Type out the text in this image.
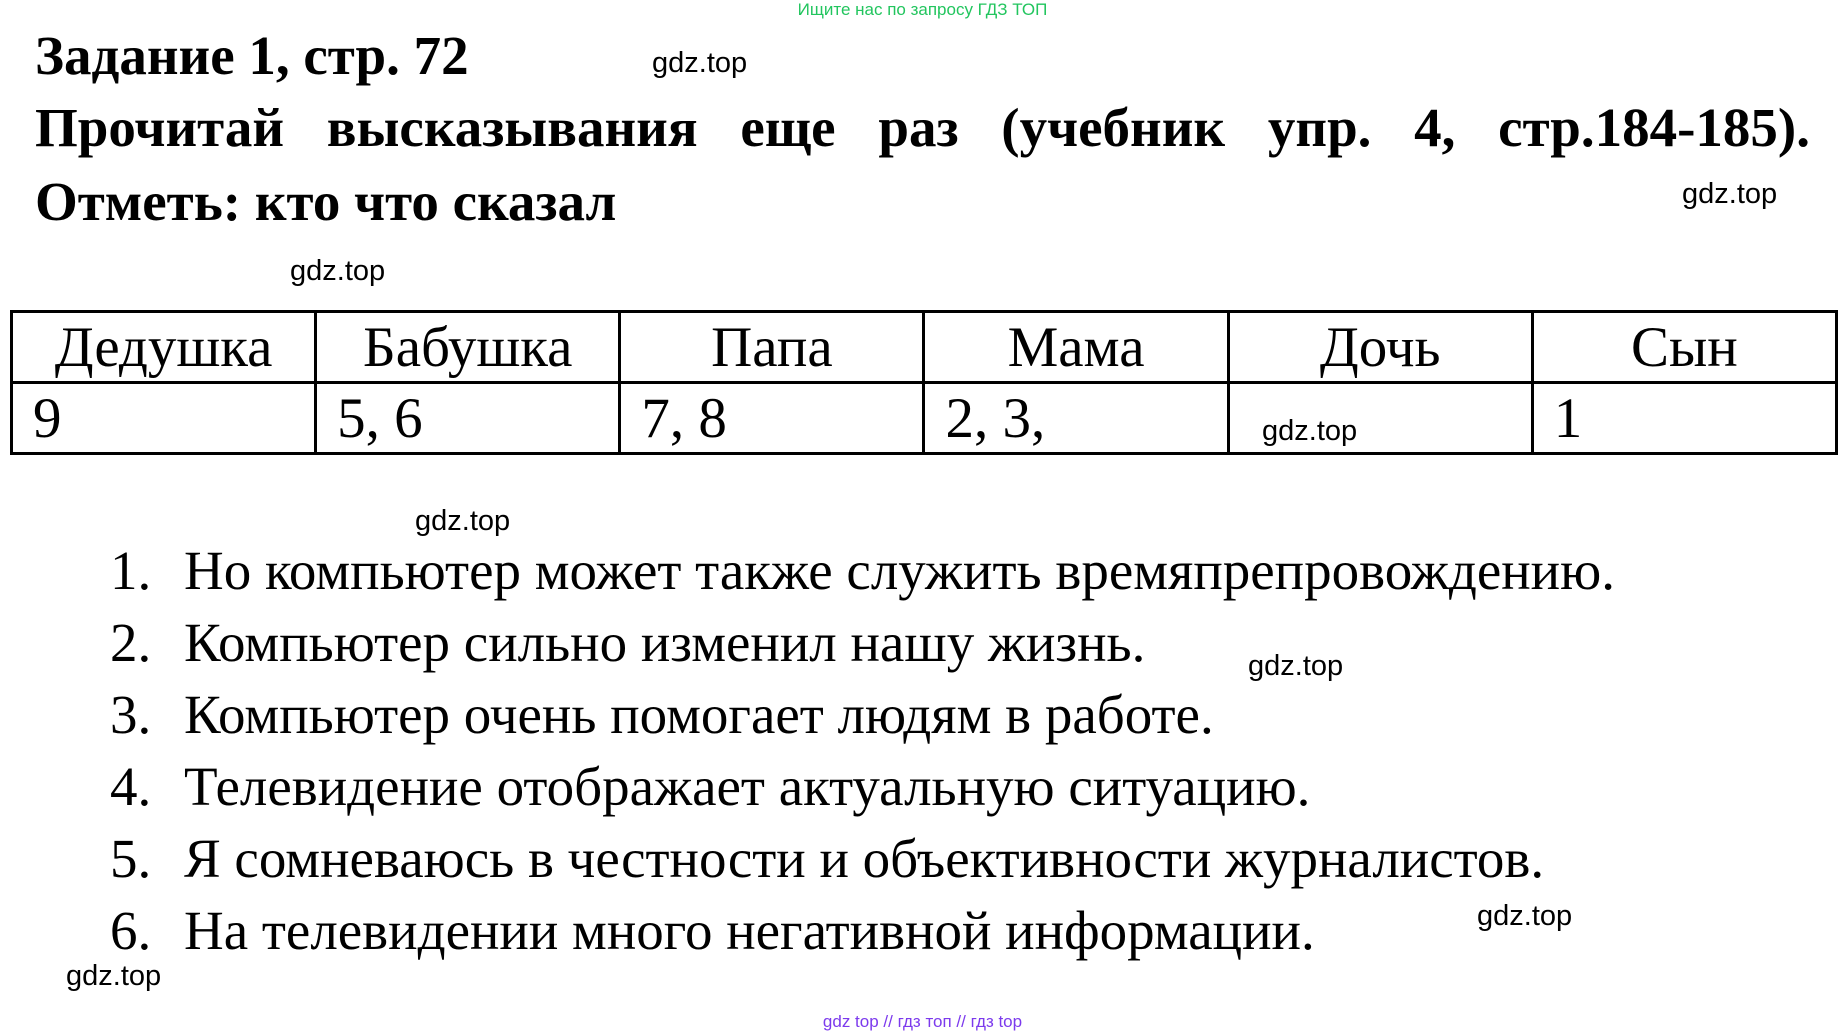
Ищите нас по запросу ГДЗ ТОП
Задание 1, стр. 72
Прочитай высказывания еще раз (учебник упр. 4, стр.184-185).
Отметь: кто что сказал
gdz.top
gdz.top
gdz.top
gdz.top
gdz.top
gdz.top
gdz.top
gdz.top
Дедушка	Бабушка	Папа	Мама	Дочь	Сын
9	5, 6	7, 8	2, 3,		1
1. Но компьютер может также служить времяпрепровождению.
2. Компьютер сильно изменил нашу жизнь.
3. Компьютер очень помогает людям в работе.
4. Телевидение отображает актуальную ситуацию.
5. Я сомневаюсь в честности и объективности журналистов.
6. На телевидении много негативной информации.
gdz top // гдз топ // гдз top
